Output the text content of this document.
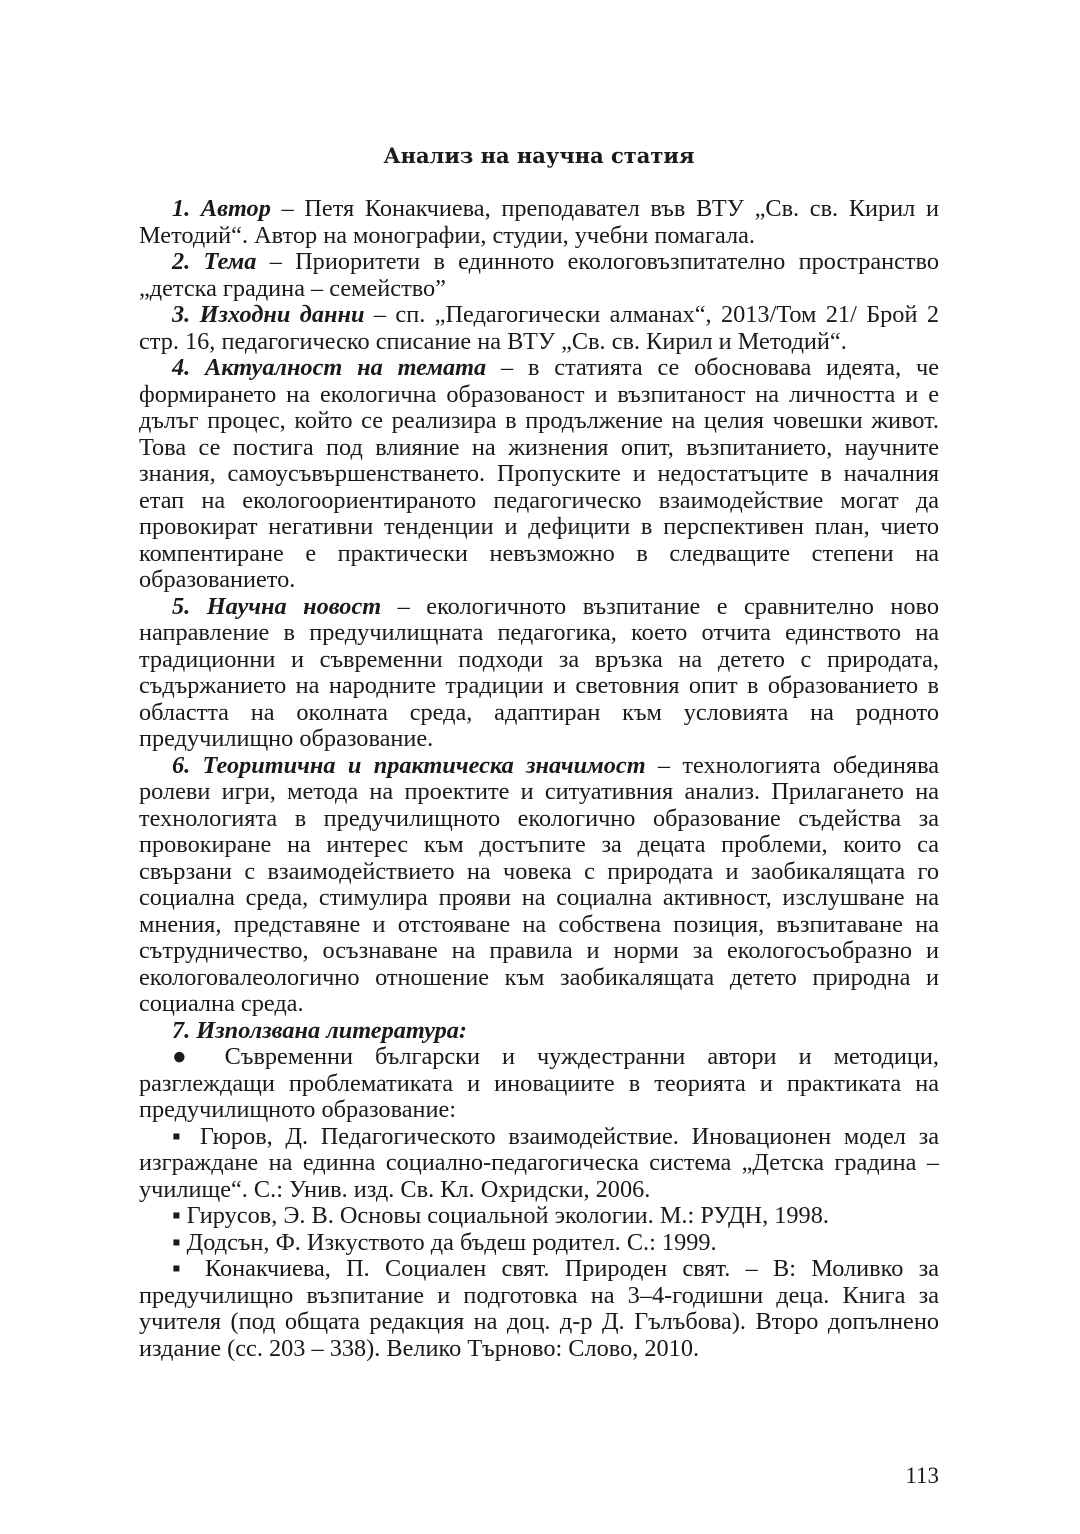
Анализ на научна статия

1. Автор – Петя Конакчиева, преподавател във ВТУ „Св. св. Кирил и Методий“. Автор на монографии, студии, учебни помагала.

2. Тема – Приоритети в единното екологовъзпитателно пространство „детска градина – семейство”

3. Изходни данни – сп. „Педагогически алманах“, 2013/Том 21/ Брой 2 стр. 16, педагогическо списание на ВТУ „Св. св. Кирил и Методий“.

4. Актуалност на темата – в статията се обосновава идеята, че формирането на екологична образованост и възпитаност на личността и е дълъг процес, който се реализира в продължение на целия човешки живот. Това се постига под влияние на жизнения опит, възпитанието, научните знания, самоусъвършенстването. Пропуските и недостатъците в началния етап на екологоориентираното педагогическо взаимодействие могат да провокират негативни тенденции и дефицити в перспективен план, чието компентиране е практически невъзможно в следващите степени на образованието.

5. Научна новост – екологичното възпитание е сравнително ново направление в предучилищната педагогика, което отчита единството на традиционни и съвременни подходи за връзка на детето с природата, съдържанието на народните традиции и световния опит в образованието в областта на околната среда, адаптиран към условията на родното предучилищно образование.

6. Теоритична и практическа значимост – технологията обединява ролеви игри, метода на проектите и ситуативния анализ. Прилагането на технологията в предучилищното екологично образование съдейства за провокиране на интерес към достъпите за децата проблеми, които са свързани с взаимодействието на човека с природата и заобикалящата го социална среда, стимулира прояви на социална активност, изслушване на мнения, представяне и отстояване на собствена позиция, възпитаване на сътрудничество, осъзнаване на правила и норми за екологосъобразно и екологовалеологично отношение към заобикалящата детето природна и социална среда.

7. Използвана литература:

● Съвременни български и чуждестранни автори и методици, разглеждащи проблематиката и иновациите в теорията и практиката на предучилищното образование:

▪ Гюров, Д. Педагогическото взаимодействие. Иновационен модел за изграждане на единна социално-педагогическа система „Детска градина – училище“. С.: Унив. изд. Св. Кл. Охридски, 2006.

▪ Гирусов, Э. В. Основы социальной экологии. М.: РУДН, 1998.

▪ Додсън, Ф. Изкуството да бъдеш родител. С.: 1999.

▪ Конакчиева, П. Социален свят. Природен свят. – В: Моливко за предучилищно възпитание и подготовка на 3–4-годишни деца. Книга за учителя (под общата редакция на доц. д-р Д. Гълъбова). Второ допълнено издание (сс. 203 – 338). Велико Търново: Слово, 2010.

113
